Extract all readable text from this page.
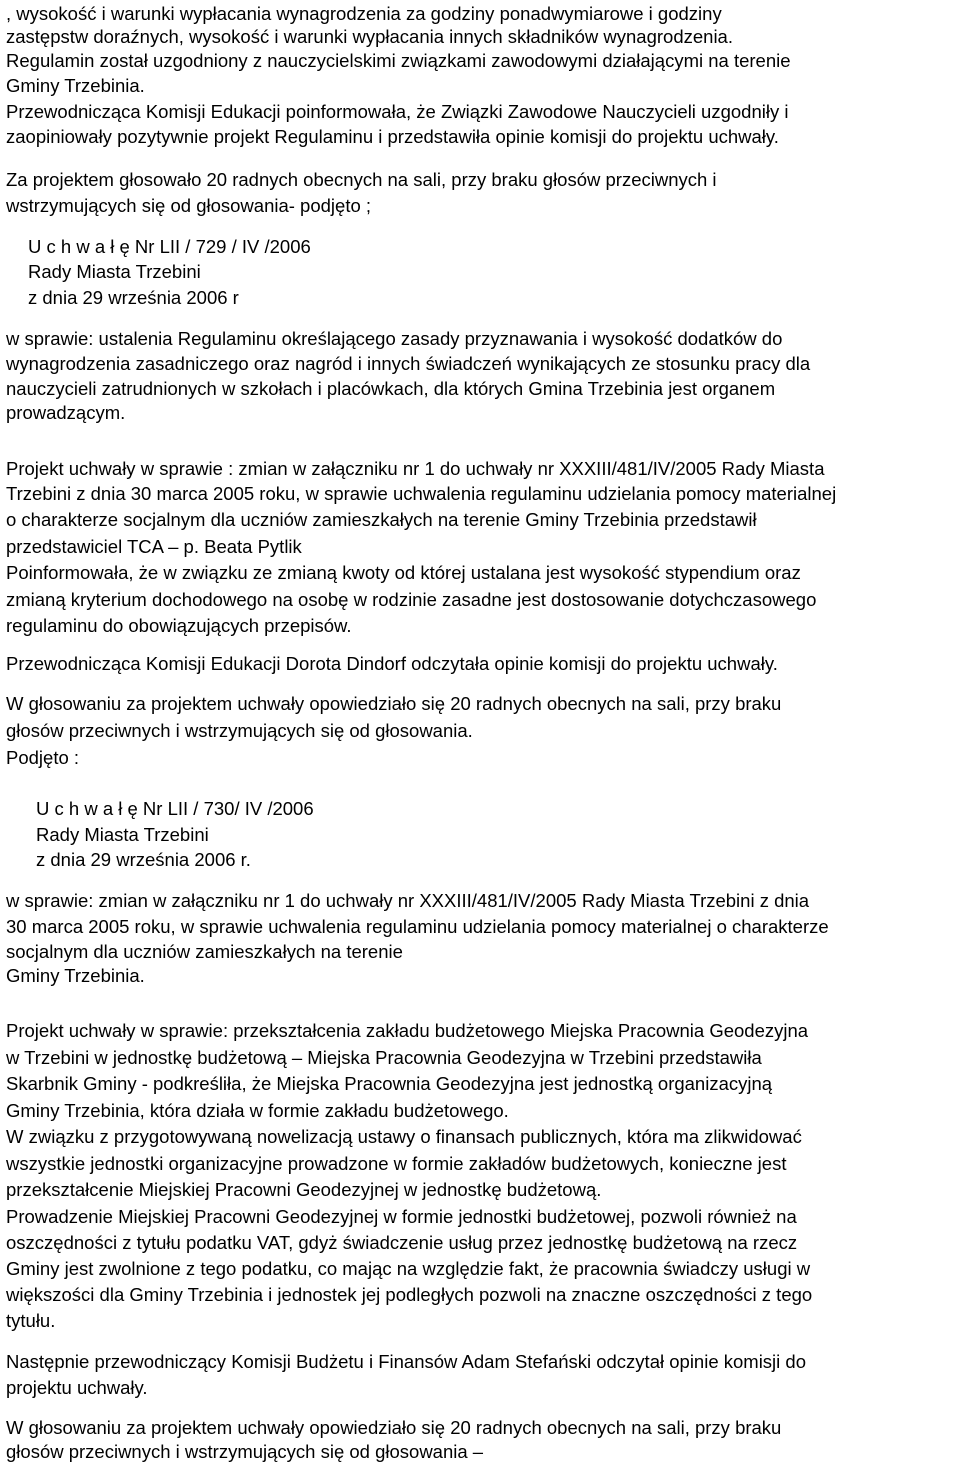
, wysokość i warunki wypłacania wynagrodzenia za godziny ponadwymiarowe i godziny
zastępstw doraźnych, wysokość i warunki wypłacania innych składników wynagrodzenia.
Regulamin został uzgodniony z nauczycielskimi związkami zawodowymi działającymi na terenie
Gminy Trzebinia.
Przewodnicząca Komisji Edukacji poinformowała, że Związki Zawodowe Nauczycieli uzgodniły i
zaopiniowały pozytywnie projekt Regulaminu i przedstawiła opinie komisji do projektu uchwały.
Za projektem głosowało 20 radnych obecnych na sali, przy braku głosów przeciwnych i
wstrzymujących się od głosowania- podjęto ;
U c h w a ł ę Nr LII / 729 / IV /2006
Rady Miasta Trzebini
z dnia 29 września 2006 r
w sprawie: ustalenia Regulaminu określającego zasady przyznawania i wysokość dodatków do
wynagrodzenia zasadniczego oraz nagród i innych świadczeń wynikających ze stosunku pracy dla
nauczycieli zatrudnionych w szkołach i placówkach, dla których Gmina Trzebinia jest organem
prowadzącym.
Projekt uchwały w sprawie : zmian w załączniku nr 1 do uchwały nr XXXIII/481/IV/2005 Rady Miasta
Trzebini z dnia 30 marca 2005 roku, w sprawie uchwalenia regulaminu udzielania pomocy materialnej
o charakterze socjalnym dla uczniów zamieszkałych na terenie Gminy Trzebinia przedstawił
przedstawiciel TCA – p. Beata Pytlik
Poinformowała, że w związku ze zmianą kwoty od której ustalana jest wysokość stypendium oraz
zmianą kryterium dochodowego na osobę w rodzinie zasadne jest dostosowanie dotychczasowego
regulaminu do obowiązujących przepisów.
Przewodnicząca Komisji Edukacji Dorota Dindorf odczytała opinie komisji do projektu uchwały.
W głosowaniu za projektem uchwały opowiedziało się 20 radnych obecnych na sali, przy braku
głosów przeciwnych i wstrzymujących się od głosowania.
Podjęto :
U c h w a ł ę Nr LII / 730/ IV /2006
Rady Miasta Trzebini
z dnia 29 września 2006 r.
w sprawie: zmian w załączniku nr 1 do uchwały nr XXXIII/481/IV/2005 Rady Miasta Trzebini z dnia
30 marca 2005 roku, w sprawie uchwalenia regulaminu udzielania pomocy materialnej o charakterze
socjalnym dla uczniów zamieszkałych na terenie
Gminy Trzebinia.
Projekt uchwały w sprawie: przekształcenia zakładu budżetowego Miejska Pracownia Geodezyjna
w Trzebini w jednostkę budżetową – Miejska Pracownia Geodezyjna w Trzebini przedstawiła
Skarbnik Gminy - podkreśliła, że Miejska Pracownia Geodezyjna jest jednostką organizacyjną
Gminy Trzebinia, która działa w formie zakładu budżetowego.
W związku z przygotowywaną nowelizacją ustawy o finansach publicznych, która ma zlikwidować
wszystkie jednostki organizacyjne prowadzone w formie zakładów budżetowych, konieczne jest
przekształcenie Miejskiej Pracowni Geodezyjnej w jednostkę budżetową.
Prowadzenie Miejskiej Pracowni Geodezyjnej w formie jednostki budżetowej, pozwoli również na
oszczędności z tytułu podatku VAT, gdyż świadczenie usług przez jednostkę budżetową na rzecz
Gminy jest zwolnione z tego podatku, co mając na względzie fakt, że pracownia świadczy usługi w
większości dla Gminy Trzebinia i jednostek jej podległych pozwoli na znaczne oszczędności z tego
tytułu.
Następnie przewodniczący Komisji Budżetu i Finansów Adam Stefański odczytał opinie komisji do
projektu uchwały.
W głosowaniu za projektem uchwały opowiedziało się 20 radnych obecnych na sali, przy braku
głosów przeciwnych i wstrzymujących się od głosowania –
